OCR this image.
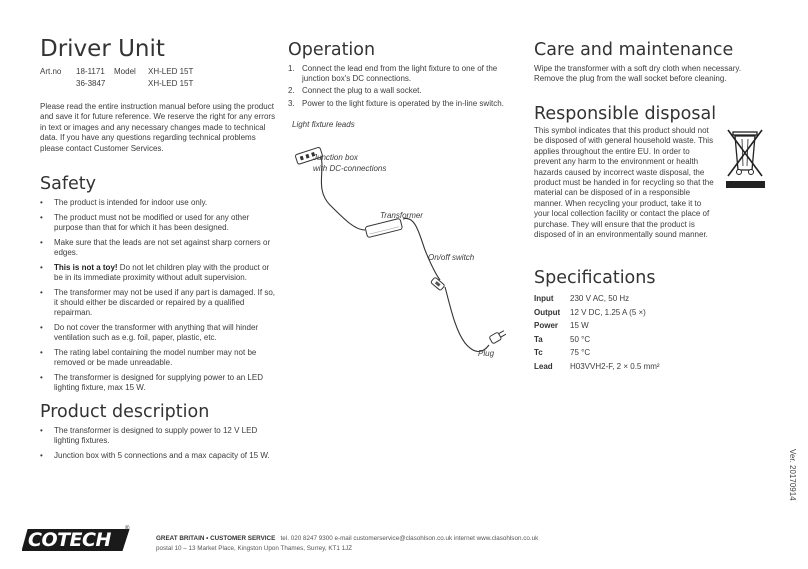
Driver Unit
Art.no	18-1171	Model	XH-LED 15T
	36-3847		XH-LED 15T
Please read the entire instruction manual before using the product and save it for future reference. We reserve the right for any errors in text or images and any necessary changes made to technical data. If you have any questions regarding technical problems please contact Customer Services.
Safety
• The product is intended for indoor use only.
• The product must not be modified or used for any other purpose than that for which it has been designed.
• Make sure that the leads are not set against sharp corners or edges.
• This is not a toy! Do not let children play with the product or be in its immediate proximity without adult supervision.
• The transformer may not be used if any part is damaged. If so, it should either be discarded or repaired by a qualified repairman.
• Do not cover the transformer with anything that will hinder ventilation such as e.g. foil, paper, plastic, etc.
• The rating label containing the model number may not be removed or be made unreadable.
• The transformer is designed for supplying power to an LED lighting fixture, max 15 W.
Product description
• The transformer is designed to supply power to 12 V LED lighting fixtures.
• Junction box with 5 connections and a max capacity of 15 W.
Operation
1. Connect the lead end from the light fixture to one of the junction box's DC connections.
2. Connect the plug to a wall socket.
3. Power to the light fixture is operated by the in-line switch.
Light fixture leads
Junction box
with DC-connections
Transformer
On/off switch
Plug
Care and maintenance
Wipe the transformer with a soft dry cloth when necessary. Remove the plug from the wall socket before cleaning.
Responsible disposal
This symbol indicates that this product should not be disposed of with general household waste. This applies throughout the entire EU. In order to prevent any harm to the environment or health hazards caused by incorrect waste disposal, the product must be handed in for recycling so that the material can be disposed of in a responsible manner. When recycling your product, take it to your local collection facility or contact the place of purchase. They will ensure that the product is disposed of in an environmentally sound manner.
Specifications
Input	230 V AC, 50 Hz
Output	12 V DC, 1.25 A (5 ×)
Power	15 W
Ta	50 °C
Tc	75 °C
Lead	H03VVH2-F, 2 × 0.5 mm²
Ver. 20170914
COTECH ®
GREAT BRITAIN • CUSTOMER SERVICE tel. 020 8247 9300 e-mail customerservice@clasohlson.co.uk internet www.clasohlson.co.uk
postal 10 – 13 Market Place, Kingston Upon Thames, Surrey, KT1 1JZ
